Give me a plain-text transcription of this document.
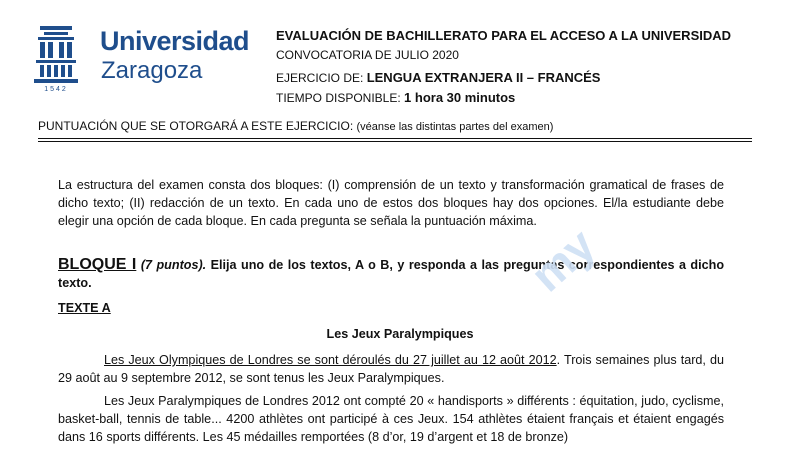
1542
Universidad
Zaragoza
EVALUACIÓN DE BACHILLERATO PARA EL ACCESO A LA UNIVERSIDAD
CONVOCATORIA DE JULIO 2020
EJERCICIO DE: LENGUA EXTRANJERA II – FRANCÉS
TIEMPO DISPONIBLE: 1 hora 30 minutos
PUNTUACIÓN QUE SE OTORGARÁ A ESTE EJERCICIO: (véanse las distintas partes del examen)
La estructura del examen consta dos bloques: (I) comprensión de un texto y transformación gramatical de frases de dicho texto; (II) redacción de un texto. En cada uno de estos dos bloques hay dos opciones. El/la estudiante debe elegir una opción de cada bloque. En cada pregunta se señala la puntuación máxima.
BLOQUE I (7 puntos). Elija uno de los textos, A o B, y responda a las preguntas correspondientes a dicho texto.
TEXTE A
Les Jeux Paralympiques
Les Jeux Olympiques de Londres se sont déroulés du 27 juillet au 12 août 2012. Trois semaines plus tard, du 29 août au 9 septembre 2012, se sont tenus les Jeux Paralympiques.
Les Jeux Paralympiques de Londres 2012 ont compté 20 « handisports » différents : équitation, judo, cyclisme, basket-ball, tennis de table... 4200 athlètes ont participé à ces Jeux. 154 athlètes étaient français et étaient engagés dans 16 sports différents. Les 45 médailles remportées (8 d’or, 19 d’argent et 18 de bronze)
my
